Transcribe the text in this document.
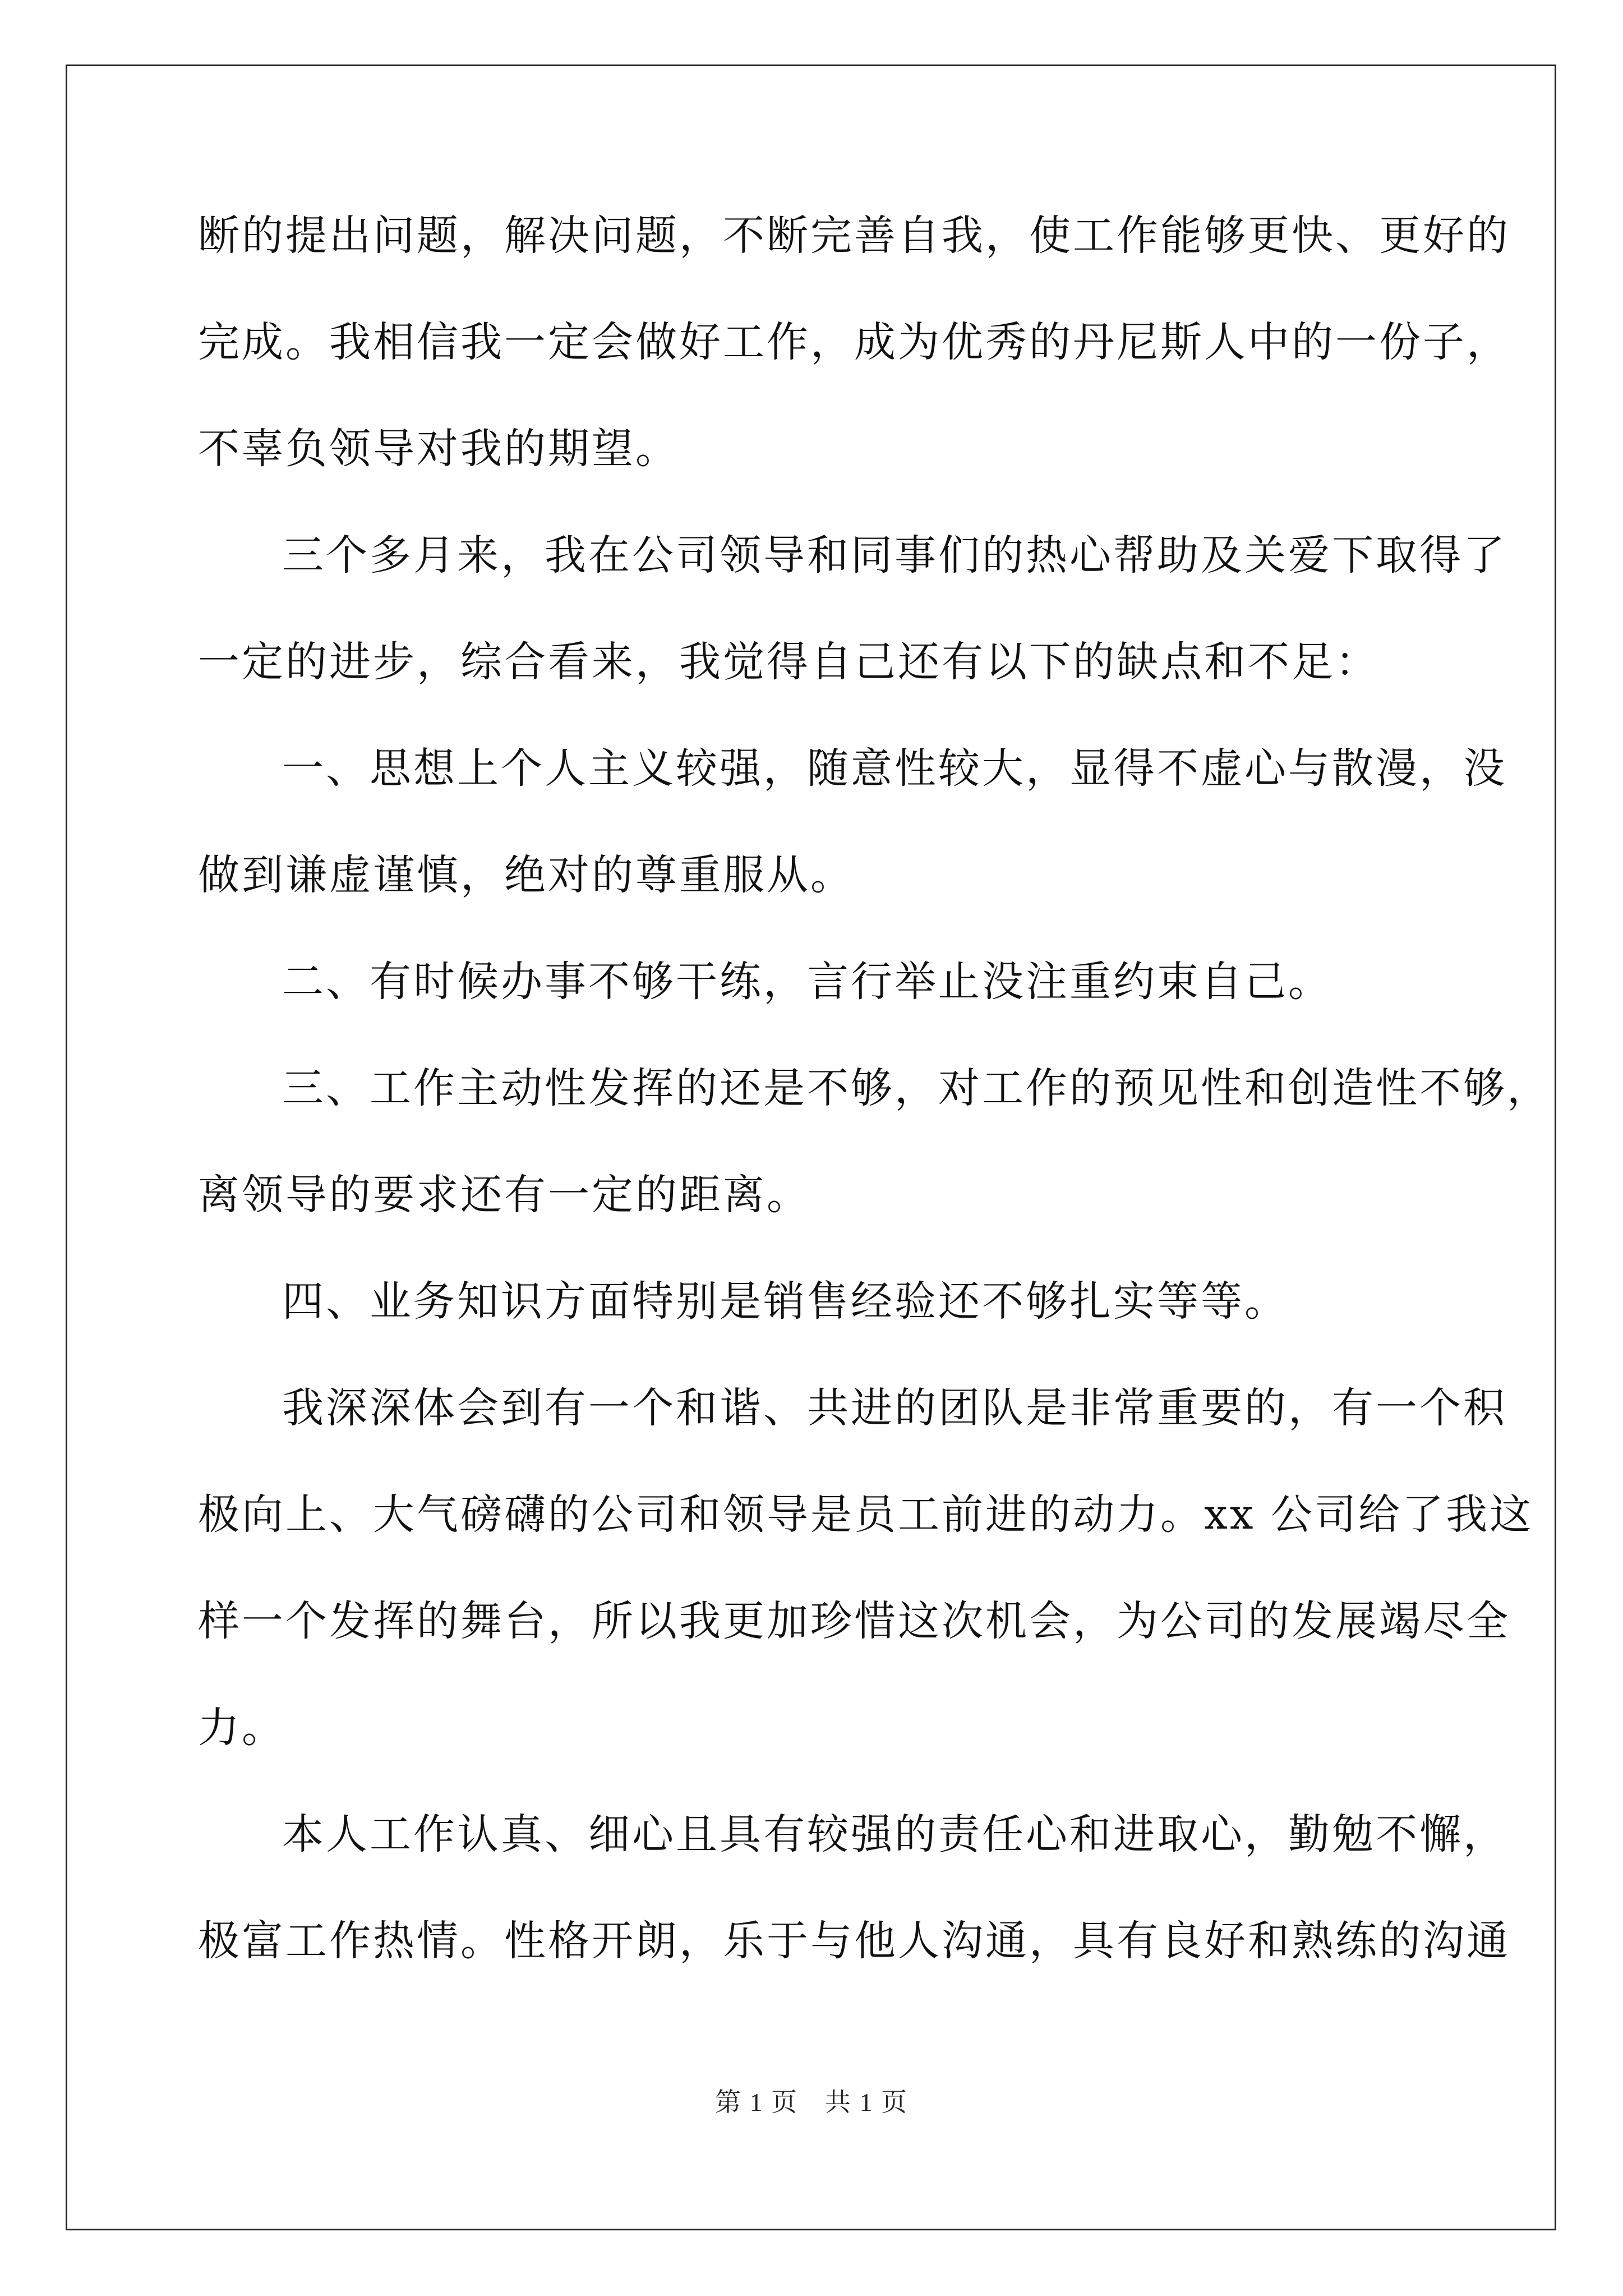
断的提出问题，解决问题，不断完善自我，使工作能够更快、更好的
完成。我相信我一定会做好工作，成为优秀的丹尼斯人中的一份子，
不辜负领导对我的期望。
三个多月来，我在公司领导和同事们的热心帮助及关爱下取得了
一定的进步，综合看来，我觉得自己还有以下的缺点和不足：
一、思想上个人主义较强，随意性较大，显得不虚心与散漫，没
做到谦虚谨慎，绝对的尊重服从。
二、有时候办事不够干练，言行举止没注重约束自己。
三、工作主动性发挥的还是不够，对工作的预见性和创造性不够，
离领导的要求还有一定的距离。
四、业务知识方面特别是销售经验还不够扎实等等。
我深深体会到有一个和谐、共进的团队是非常重要的，有一个积
极向上、大气磅礴的公司和领导是员工前进的动力。xx 公司给了我这
样一个发挥的舞台，所以我更加珍惜这次机会，为公司的发展竭尽全
力。
本人工作认真、细心且具有较强的责任心和进取心，勤勉不懈，
极富工作热情。性格开朗，乐于与他人沟通，具有良好和熟练的沟通
第 1 页　共 1 页
